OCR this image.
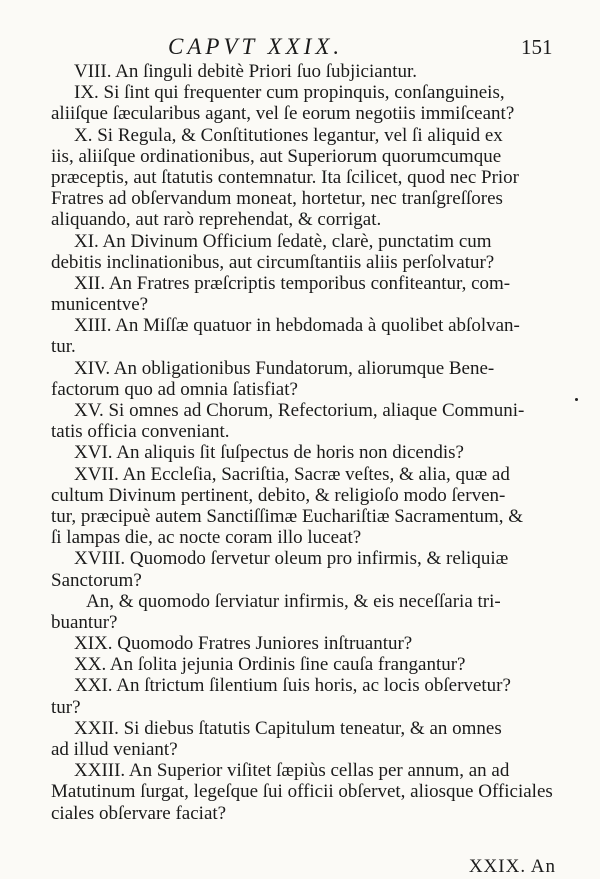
CAPVT XXIX.	151
VIII. An ſinguli debitè Priori ſuo ſubjiciantur.
IX. Si ſint qui frequenter cum propinquis, conſanguineis,
aliiſque ſæcularibus agant, vel ſe eorum negotiis immiſceant?
X. Si Regula, & Conſtitutiones legantur, vel ſi aliquid ex
iis, aliiſque ordinationibus, aut Superiorum quorumcumque
præceptis, aut ſtatutis contemnatur. Ita ſcilicet, quod nec Prior
Fratres ad obſervandum moneat, hortetur, nec tranſgreſſores
aliquando, aut rarò reprehendat, & corrigat.
XI. An Divinum Officium ſedatè, clarè, punctatim cum
debitis inclinationibus, aut circumſtantiis aliis perſolvatur?
XII. An Fratres præſcriptis temporibus confiteantur, com-
municentve?
XIII. An Miſſæ quatuor in hebdomada à quolibet abſolvan-
tur.
XIV. An obligationibus Fundatorum, aliorumque Bene-
factorum quo ad omnia ſatisfiat?
XV. Si omnes ad Chorum, Refectorium, aliaque Communi-
tatis officia conveniant.
XVI. An aliquis ſit ſuſpectus de horis non dicendis?
XVII. An Eccleſia, Sacriſtia, Sacræ veſtes, & alia, quæ ad
cultum Divinum pertinent, debito, & religioſo modo ſerven-
tur, præcipuè autem Sanctiſſimæ Euchariſtiæ Sacramentum, &
ſi lampas die, ac nocte coram illo luceat?
XVIII. Quomodo ſervetur oleum pro infirmis, & reliquiæ
Sanctorum?
An, & quomodo ſerviatur infirmis, & eis neceſſaria tri-
buantur?
XIX. Quomodo Fratres Juniores inſtruantur?
XX. An ſolita jejunia Ordinis ſine cauſa frangantur?
XXI. An ſtrictum ſilentium ſuis horis, ac locis obſervetur?
tur?
XXII. Si diebus ſtatutis Capitulum teneatur, & an omnes
ad illud veniant?
XXIII. An Superior viſitet ſæpiùs cellas per annum, an ad
Matutinum ſurgat, legeſque ſui officii obſervet, aliosque Officiales
ciales obſervare faciat?
XXIX. An
